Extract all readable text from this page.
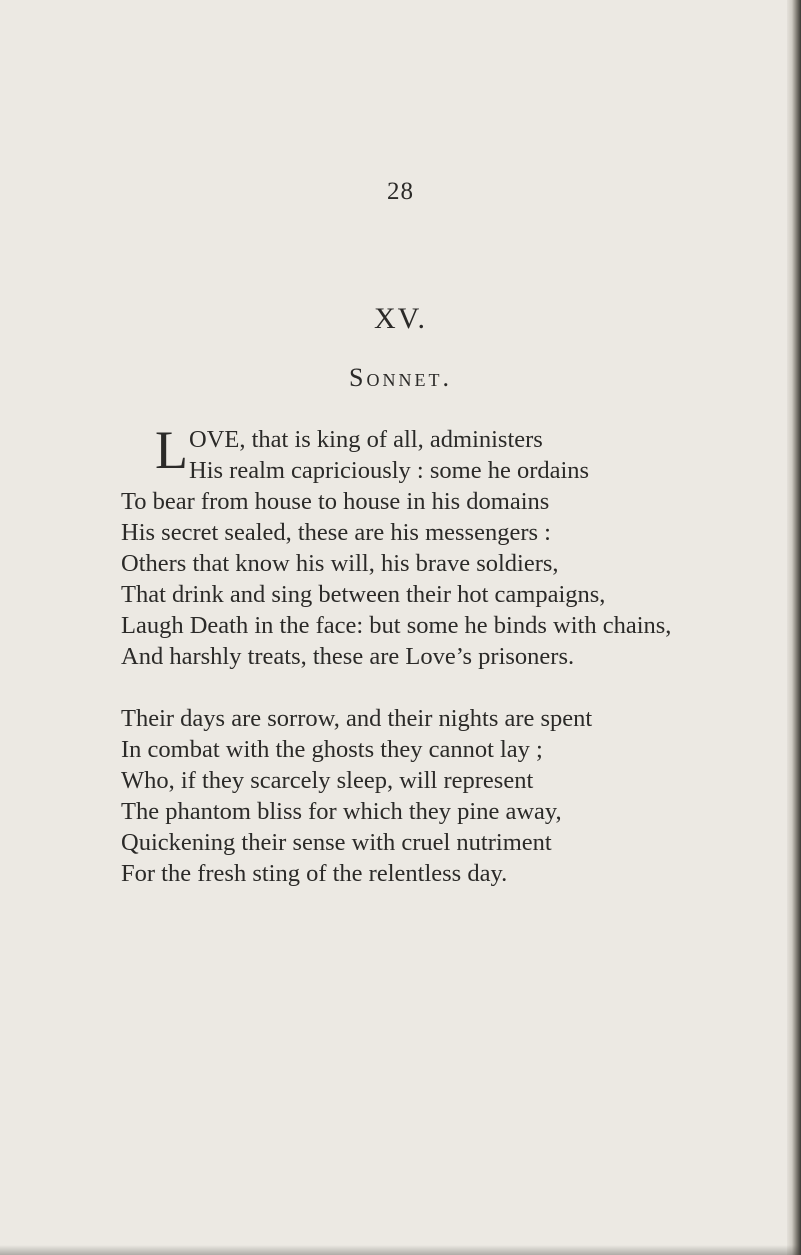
28
XV.
Sonnet.
L OVE, that is king of all, administers
His realm capriciously : some he ordains
To bear from house to house in his domains
His secret sealed, these are his messengers :
Others that know his will, his brave soldiers,
That drink and sing between their hot campaigns,
Laugh Death in the face: but some he binds with chains,
And harshly treats, these are Love’s prisoners.
Their days are sorrow, and their nights are spent
In combat with the ghosts they cannot lay ;
Who, if they scarcely sleep, will represent
The phantom bliss for which they pine away,
Quickening their sense with cruel nutriment
For the fresh sting of the relentless day.
